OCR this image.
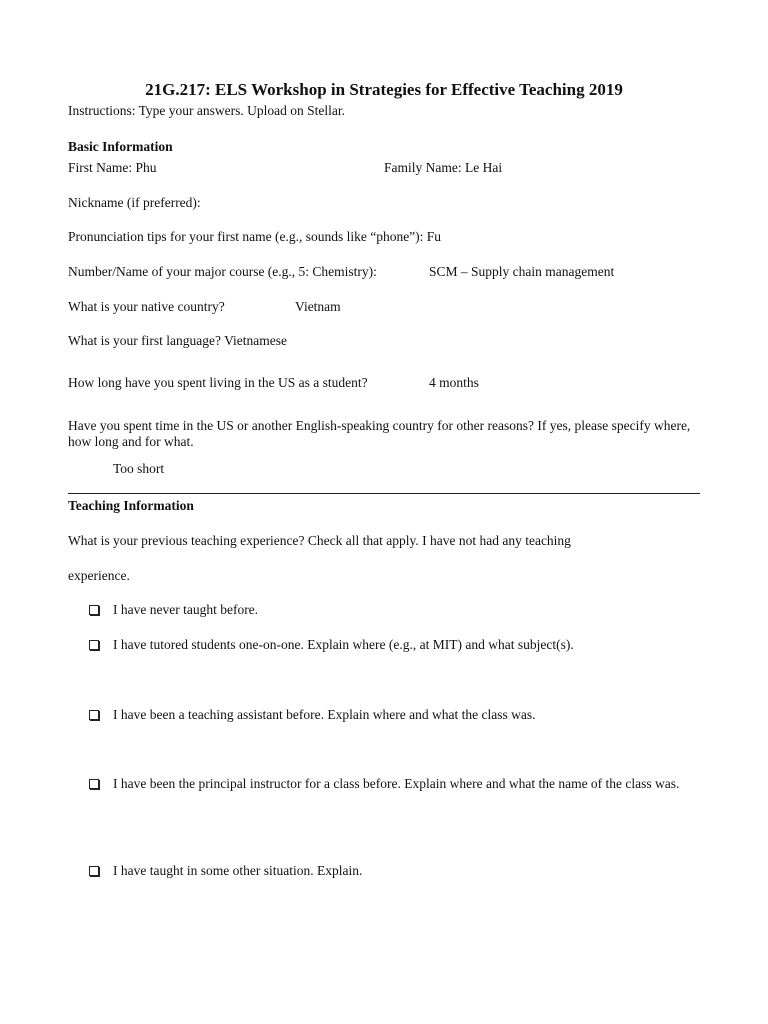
21G.217: ELS Workshop in Strategies for Effective Teaching 2019
Instructions: Type your answers. Upload on Stellar.
Basic Information
First Name: Phu	Family Name: Le Hai
Nickname (if preferred):
Pronunciation tips for your first name (e.g., sounds like “phone”): Fu
Number/Name of your major course (e.g., 5: Chemistry):	SCM – Supply chain management
What is your native country?	Vietnam
What is your first language? Vietnamese
How long have you spent living in the US as a student?	4 months
Have you spent time in the US or another English-speaking country for other reasons? If yes, please specify where, how long and for what.
Too short
Teaching Information
What is your previous teaching experience? Check all that apply. I have not had any teaching
experience.
I have never taught before.
I have tutored students one-on-one. Explain where (e.g., at MIT) and what subject(s).
I have been a teaching assistant before. Explain where and what the class was.
I have been the principal instructor for a class before. Explain where and what the name of the class was.
I have taught in some other situation. Explain.
